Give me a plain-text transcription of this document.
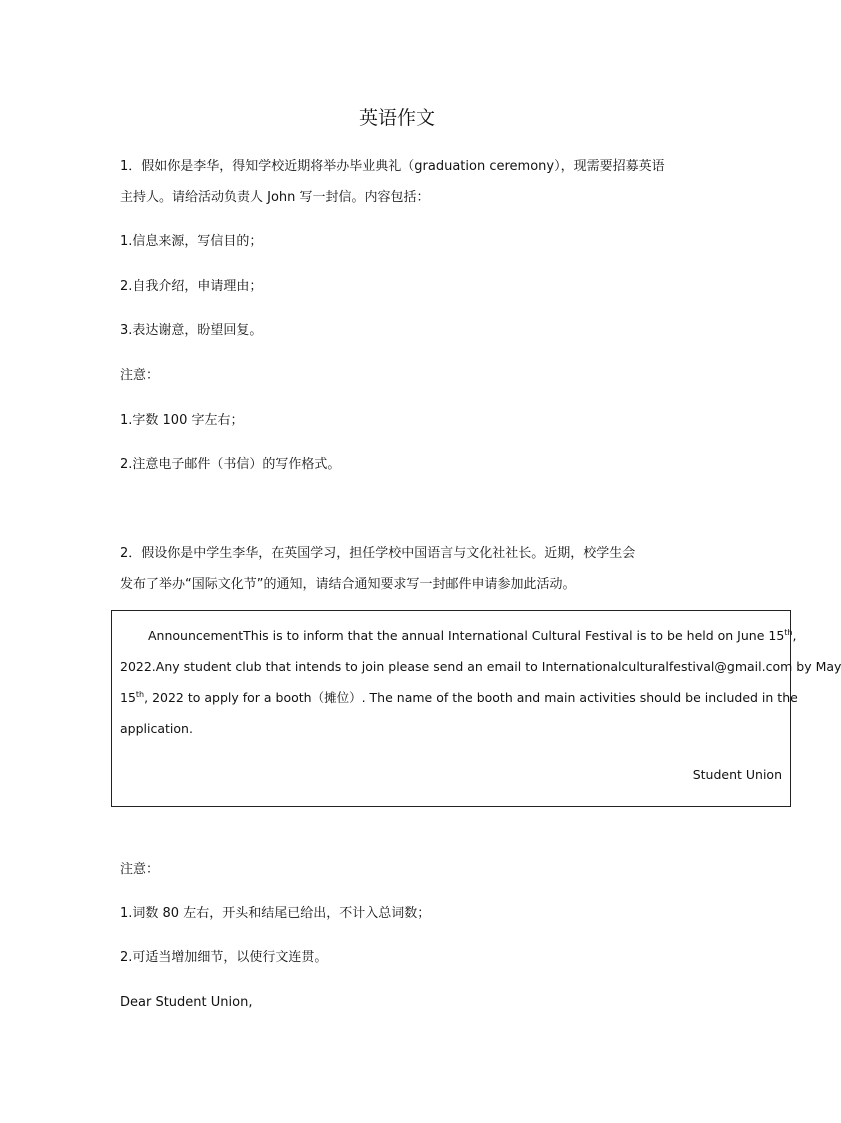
英语作文
1．假如你是李华，得知学校近期将举办毕业典礼（graduation ceremony），现需要招募英语
主持人。请给活动负责人 John 写一封信。内容包括：
1.信息来源，写信目的；
2.自我介绍，申请理由；
3.表达谢意，盼望回复。
注意：
1.字数 100 字左右；
2.注意电子邮件（书信）的写作格式。
2．假设你是中学生李华，在英国学习，担任学校中国语言与文化社社长。近期，校学生会
发布了举办“国际文化节”的通知，请结合通知要求写一封邮件申请参加此活动。
AnnouncementThis is to inform that the annual International Cultural Festival is to be held on June 15th,
2022.Any student club that intends to join please send an email to Internationalculturalfestival@gmail.com by May
15th, 2022 to apply for a booth（摊位）. The name of the booth and main activities should be included in the
application.
Student Union
注意：
1.词数 80 左右，开头和结尾已给出，不计入总词数；
2.可适当增加细节，以使行文连贯。
Dear Student Union,
